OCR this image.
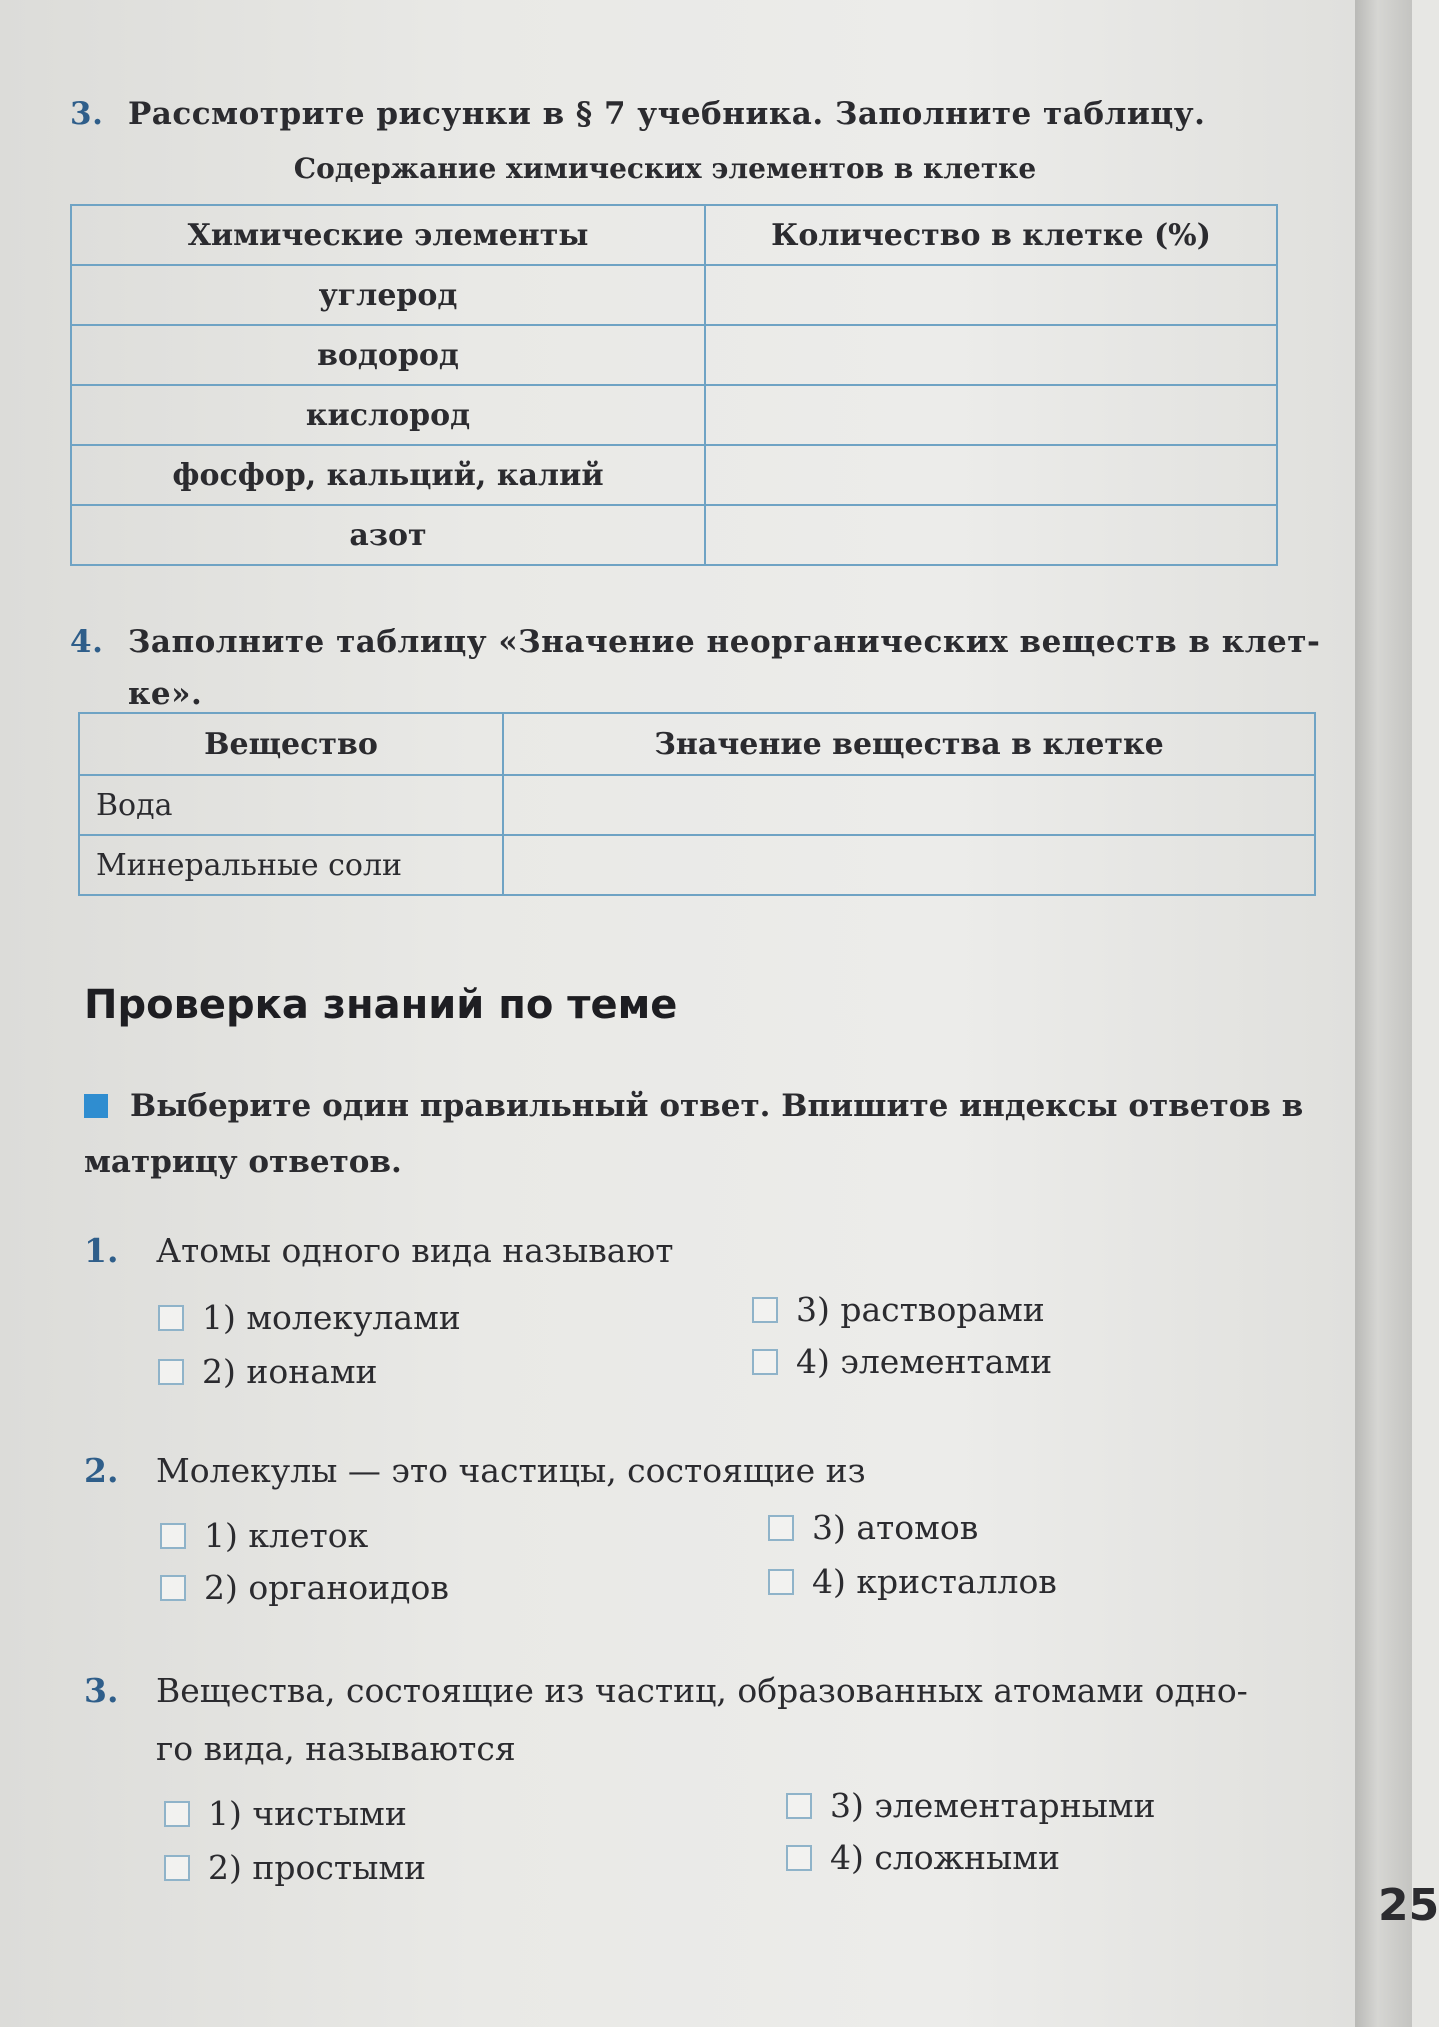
3. Рассмотрите рисунки в § 7 учебника. Заполните таблицу.
Содержание химических элементов в клетке
Химические элементы	Количество в клетке (%)
углерод	
водород	
кислород	
фосфор, кальций, калий	
азот	
4. Заполните таблицу «Значение неорганических веществ в клет-
ке».
Вещество	Значение вещества в клетке
Вода	
Минеральные соли	
Проверка знаний по теме
Выберите один правильный ответ. Впишите индексы ответов в
матрицу ответов.
1. Атомы одного вида называют
1) молекулами
2) ионами
3) растворами
4) элементами
2. Молекулы — это частицы, состоящие из
1) клеток
2) органоидов
3) атомов
4) кристаллов
3. Вещества, состоящие из частиц, образованных атомами одно-
го вида, называются
1) чистыми
2) простыми
3) элементарными
4) сложными
25
